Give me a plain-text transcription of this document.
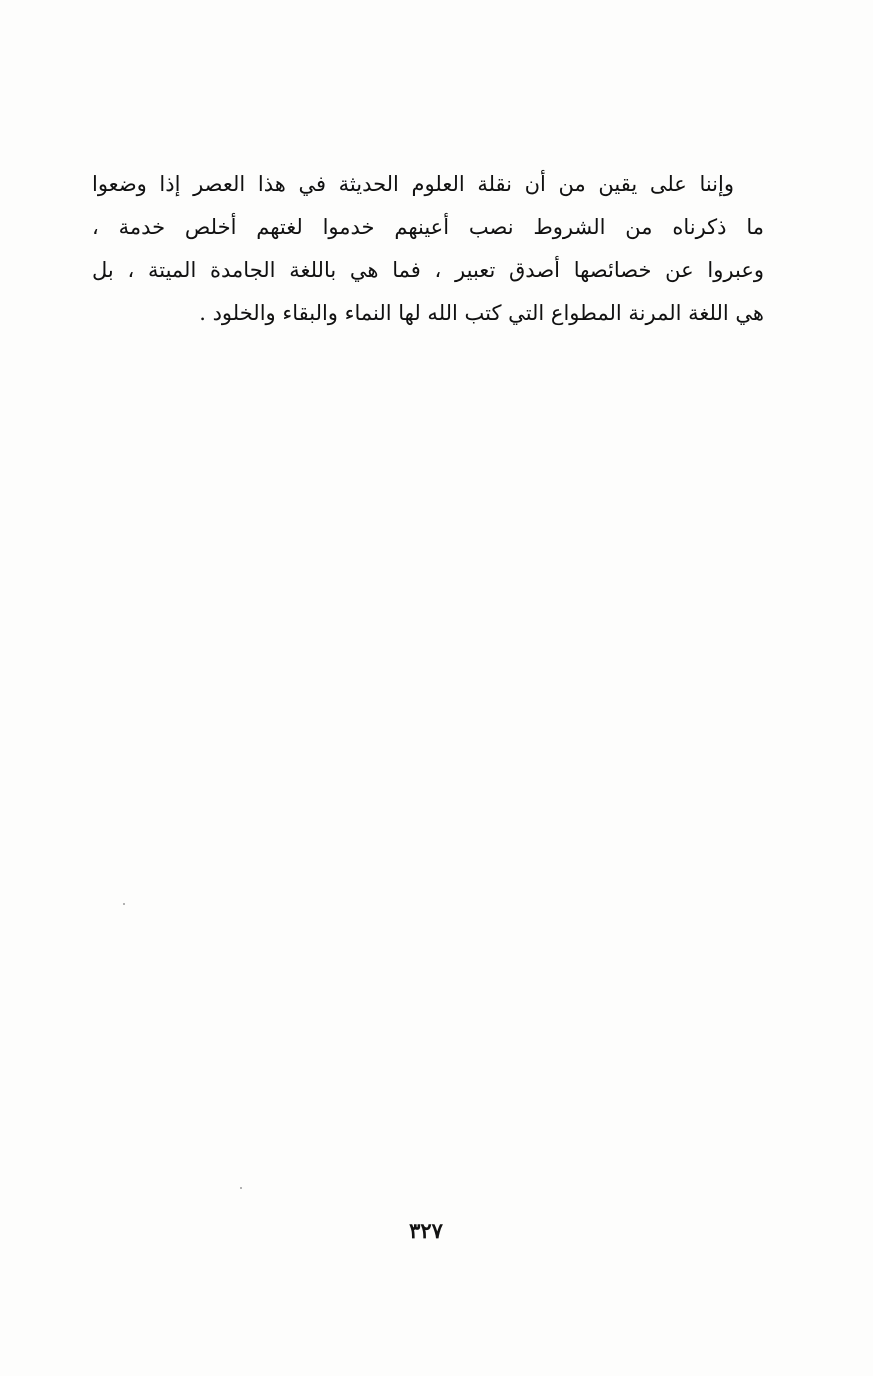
وإننا على يقين من أن نقلة العلوم الحديثة في هذا العصر إذا وضعوا
ما ذكرناه من الشروط نصب أعينهم خدموا لغتهم أخلص خدمة ،
وعبروا عن خصائصها أصدق تعبير ، فما هي باللغة الجامدة الميتة ، بل
هي اللغة المرنة المطواع التي كتب الله لها النماء والبقاء والخلود .
٣٢٧
